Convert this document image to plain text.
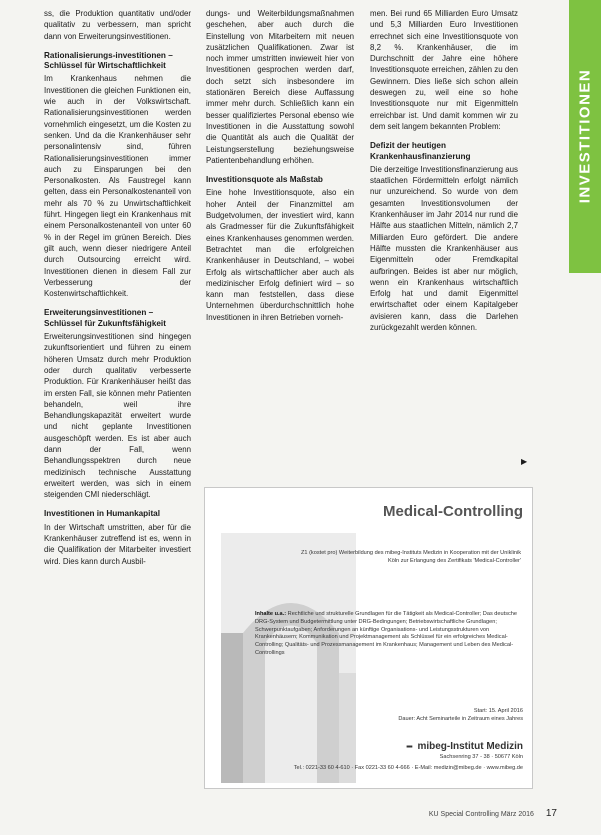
INVESTITIONEN

ss, die Produktion quantitativ und/oder qualitativ zu verbessern, man spricht dann von Erweiterungsinvestitionen.

Rationalisierungs-investitionen – Schlüssel für Wirtschaftlichkeit

Im Krankenhaus nehmen die Investitionen die gleichen Funktionen ein, wie auch in der Volkswirtschaft. Rationalisierungsinvestitionen werden vornehmlich eingesetzt, um die Kosten zu senken. Und da die Krankenhäuser sehr personalintensiv sind, führen Rationalisierungsinvestitionen immer auch zu Einsparungen bei den Personalkosten. Als Faustregel kann gelten, dass ein Personalkostenanteil von mehr als 70 % zu Unwirtschaftlichkeit führt. Hingegen liegt ein Krankenhaus mit einem Personalkostenanteil von unter 60 % in der Regel im grünen Bereich. Dies gilt auch, wenn dieser niedrigere Anteil durch Outsourcing erreicht wird. Investitionen dienen in diesem Fall zur Verbesserung der Kostenwirtschaftlichkeit.

Erweiterungsinvestitionen – Schlüssel für Zukunftsfähigkeit

Erweiterungsinvestitionen sind hingegen zukunftsorientiert und führen zu einem höheren Umsatz durch mehr Produktion oder durch qualitativ verbesserte Produktion. Für Krankenhäuser heißt das im ersten Fall, sie können mehr Patienten behandeln, weil ihre Behandlungskapazität erweitert wurde und nicht geplante Investitionen ausgeschöpft werden. Es ist aber auch dann der Fall, wenn Behandlungsspektren durch neue medizinisch technische Ausstattung erweitert werden, was sich in einem steigenden CMI niederschlägt.

Investitionen in Humankapital

In der Wirtschaft umstritten, aber für die Krankenhäuser zutreffend ist es, wenn in die Qualifikation der Mitarbeiter investiert wird. Dies kann durch Ausbil-

dungs- und Weiterbildungsmaßnahmen geschehen, aber auch durch die Einstellung von Mitarbeitern mit neuen zusätzlichen Qualifikationen. Zwar ist noch immer umstritten inwieweit hier von Investitionen gesprochen werden darf, doch setzt sich insbesondere im stationären Bereich diese Auffassung immer mehr durch. Schließlich kann ein besser qualifiziertes Personal ebenso wie Investitionen in die Ausstattung sowohl die Quantität als auch die Qualität der Leistungserstellung beziehungsweise Patientenbehandlung erhöhen.

Investitionsquote als Maßstab

Eine hohe Investitionsquote, also ein hoher Anteil der Finanzmittel am Budgetvolumen, der investiert wird, kann als Gradmesser für die Zukunftsfähigkeit eines Krankenhauses genommen werden. Betrachtet man die erfolgreichen Krankenhäuser in Deutschland, – wobei Erfolg als wirtschaftlicher aber auch als medizinischer Erfolg definiert wird – so kann man feststellen, dass diese Unternehmen überdurchschnittlich hohe Investitionen in ihren Betrieben vorneh-

men. Bei rund 65 Milliarden Euro Umsatz und 5,3 Milliarden Euro Investitionen errechnet sich eine Investitionsquote von 8,2 %. Krankenhäuser, die im Durchschnitt der Jahre eine höhere Investitionsquote erreichen, zählen zu den Gewinnern. Dies ließe sich schon allein deswegen zu, weil eine so hohe Investitionsquote nur mit Eigenmitteln erreichbar ist. Und damit kommen wir zu dem seit langem bekannten Problem:

Defizit der heutigen Krankenhausfinanzierung

Die derzeitige Investitionsfinanzierung aus staatlichen Fördermitteln erfolgt nämlich nur unzureichend. So wurde von dem gesamten Investitionsvolumen der Krankenhäuser im Jahr 2014 nur rund die Hälfte aus staatlichen Mitteln, nämlich 2,7 Milliarden Euro gefördert. Die andere Hälfte mussten die Krankenhäuser aus Eigenmitteln oder Fremdkapital aufbringen. Beides ist aber nur möglich, wenn ein Krankenhaus wirtschaftlich Erfolg hat und damit Eigenmittel erwirtschaftet oder einem Kapitalgeber avisieren kann, dass die Darlehen zurückgezahlt werden können.

▶
Medical-Controlling
Z1 (kostet pro) Weiterbildung des mibeg-Instituts Medizin in Kooperation mit der Uniklinik Köln zur Erlangung des Zertifikats 'Medical-Controller'
Inhalte u.a.: Rechtliche und strukturelle Grundlagen für die Tätigkeit als Medical-Controller; Das deutsche DRG-System und Budgetermittlung unter DRG-Bedingungen; Betriebswirtschaftliche Grundlagen; Schwerpunktaufgaben; Anforderungen an künftige Organisations- und Leistungsstrukturen von Krankenhäusern; Kommunikation und Projektmanagement als Schlüssel für ein erfolgreiches Medical-Controlling; Qualitäts- und Prozessmanagement im Krankenhaus; Management und Leben des Medical-Controllings
Start: 15. April 2016
Dauer: Acht Seminarteile in Zeitraum eines Jahres
▪▪▪ mibeg-Institut Medizin
Sachsenring 37 - 38 · 50677 Köln
Tel.: 0221-33 60 4-610 · Fax 0221-33 60 4-666 · E-Mail: medizin@mibeg.de · www.mibeg.de
KU Special Controlling März 2016 17
